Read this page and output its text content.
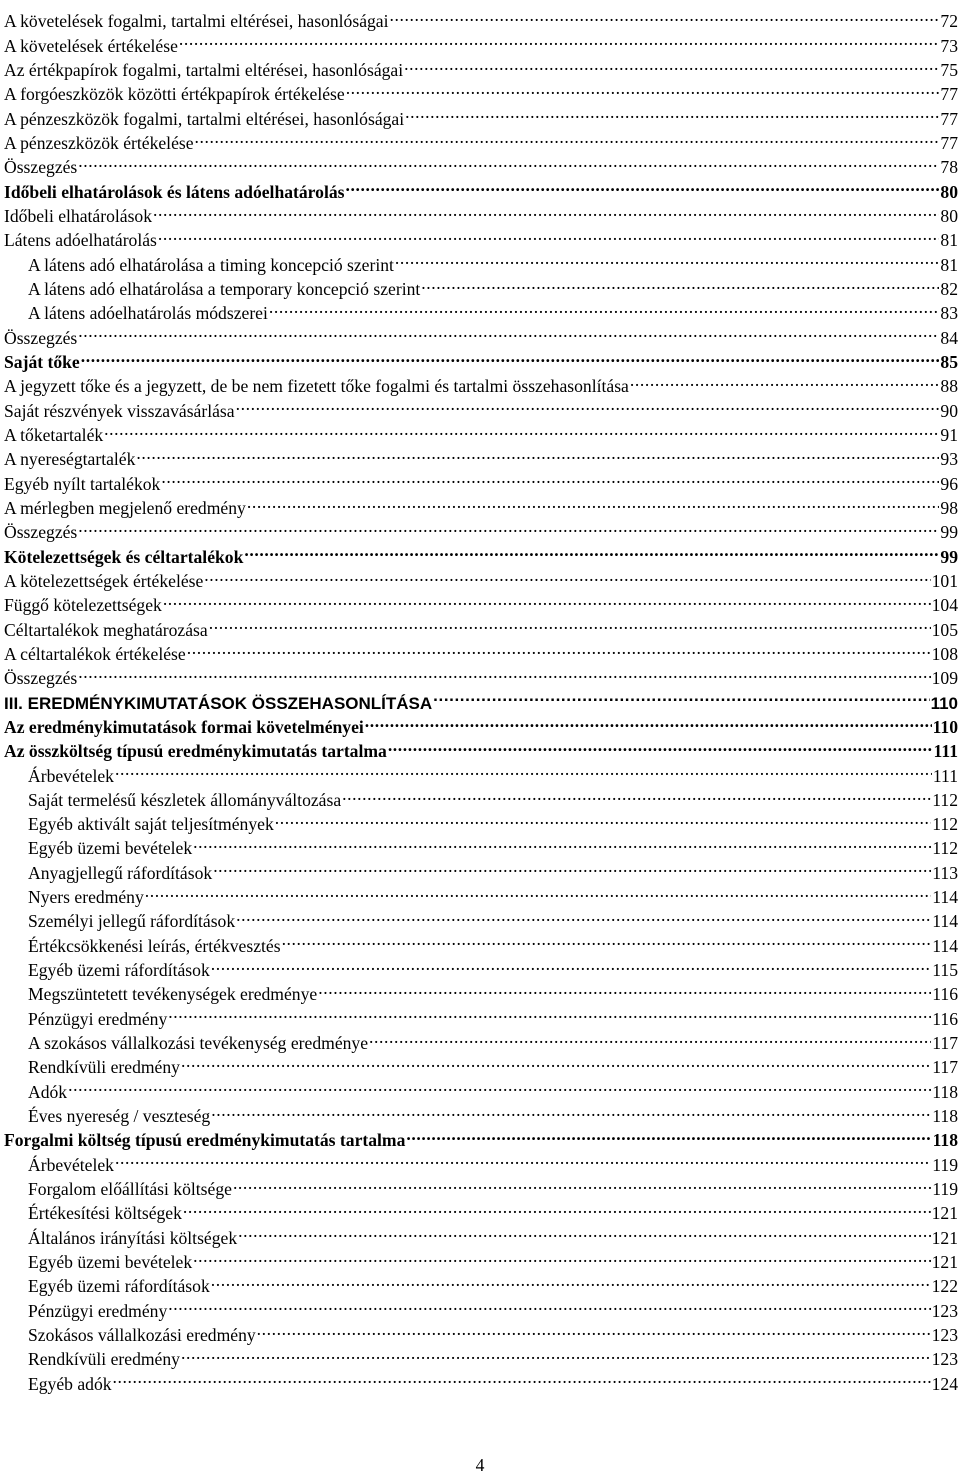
A követelések fogalmi, tartalmi eltérései, hasonlóságai .....	72
A követelések értékelése .....	73
Az értékpapírok fogalmi, tartalmi eltérései, hasonlóságai .....	75
A forgóeszközök közötti értékpapírok értékelése .....	77
A pénzeszközök fogalmi, tartalmi eltérései, hasonlóságai .....	77
A pénzeszközök értékelése .....	77
Összegzés .....	78
Időbeli elhatárolások és látens adóelhatárolás .....	80
Időbeli elhatárolások .....	80
Látens adóelhatárolás .....	81
A látens adó elhatárolása a timing koncepció szerint .....	81
A látens adó elhatárolása a temporary koncepció szerint .....	82
A látens adóelhatárolás módszerei .....	83
Összegzés .....	84
Saját tőke .....	85
A jegyzett tőke és a jegyzett, de be nem fizetett tőke fogalmi és tartalmi összehasonlítása .....	88
Saját részvények visszavásárlása .....	90
A tőketartalék .....	91
A nyereségtartalék .....	93
Egyéb nyílt tartalékok .....	96
A mérlegben megjelenő eredmény .....	98
Összegzés .....	99
Kötelezettségek és céltartalékok .....	99
A kötelezettségek értékelése .....	101
Függő kötelezettségek .....	104
Céltartalékok meghatározása .....	105
A céltartalékok értékelése .....	108
Összegzés .....	109
III. EREDMÉNYKIMUTATÁSOK ÖSSZEHASONLÍTÁSA .....	110
Az eredménykimutatások formai követelményei .....	110
Az összköltség típusú eredménykimutatás tartalma .....	111
Árbevételek .....	111
Saját termelésű készletek állományváltozása .....	112
Egyéb aktivált saját teljesítmények .....	112
Egyéb üzemi bevételek .....	112
Anyagjellegű ráfordítások .....	113
Nyers eredmény .....	114
Személyi jellegű ráfordítások .....	114
Értékcsökkenési leírás, értékvesztés .....	114
Egyéb üzemi ráfordítások .....	115
Megszüntetett tevékenységek eredménye .....	116
Pénzügyi eredmény .....	116
A szokásos vállalkozási tevékenység eredménye .....	117
Rendkívüli eredmény .....	117
Adók .....	118
Éves nyereség / veszteség .....	118
Forgalmi költség típusú eredménykimutatás tartalma .....	118
Árbevételek .....	119
Forgalom előállítási költsége .....	119
Értékesítési költségek .....	121
Általános irányítási költségek .....	121
Egyéb üzemi bevételek .....	121
Egyéb üzemi ráfordítások .....	122
Pénzügyi eredmény .....	123
Szokásos vállalkozási eredmény .....	123
Rendkívüli eredmény .....	123
Egyéb adók .....	124
4
